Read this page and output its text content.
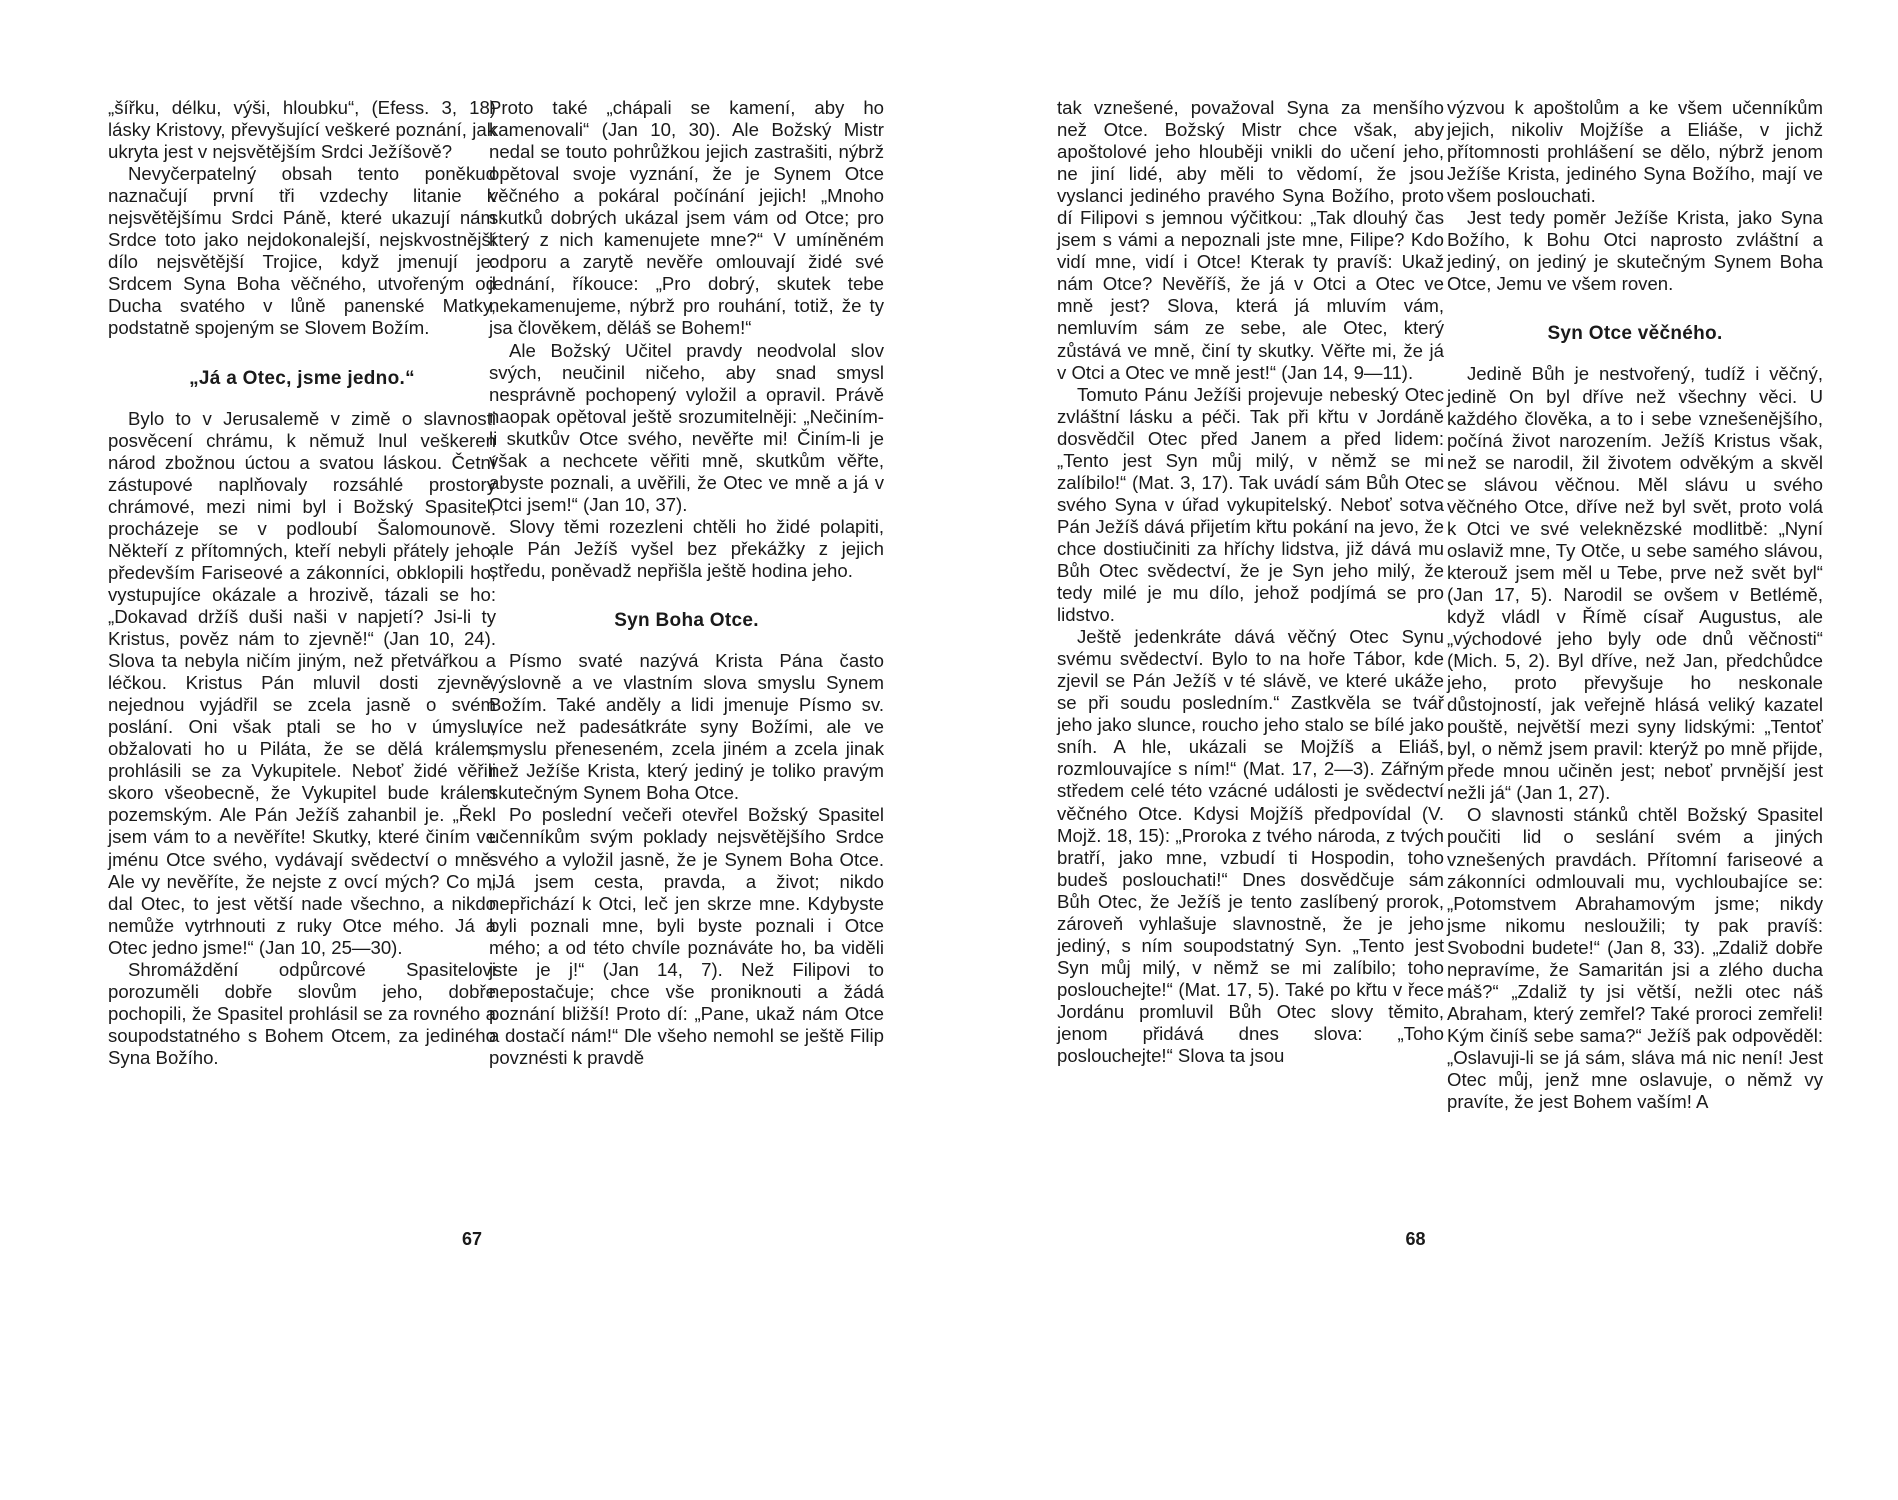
„šířku, délku, výši, hloubku“, (Efess. 3, 18) lásky Kristovy, převyšující veškeré poznání, jak ukryta jest v nejsvětějším Srdci Ježíšově?

Nevyčerpatelný obsah tento poněkud naznačují první tři vzdechy litanie k nejsvětějšímu Srdci Páně, které ukazují nám Srdce toto jako nejdokonalejší, nejskvostnější dílo nejsvětější Trojice, když jmenují je: Srdcem Syna Boha věčného, utvořeným od Ducha svatého v lůně panenské Matky, podstatně spojeným se Slovem Božím.

„Já a Otec, jsme jedno.“

Bylo to v Jerusalemě v zimě o slavnosti posvěcení chrámu, k němuž lnul veškeren národ zbožnou úctou a svatou láskou. Četní zástupové naplňovaly rozsáhlé prostory chrámové, mezi nimi byl i Božský Spasitel, procházeje se v podloubí Šalomounově. Někteří z přítomných, kteří nebyli přátely jeho, především Fariseové a zákonníci, obklopili ho, vystupujíce okázale a hrozivě, tázali se ho: „Dokavad držíš duši naši v napjetí? Jsi-li ty Kristus, pověz nám to zjevně!“ (Jan 10, 24). Slova ta nebyla ničím jiným, než přetvářkou a léčkou. Kristus Pán mluvil dosti zjevně, nejednou vyjádřil se zcela jasně o svém poslání. Oni však ptali se ho v úmyslu, obžalovati ho u Piláta, že se dělá králem, prohlásili se za Vykupitele. Neboť židé věřili skoro všeobecně, že Vykupitel bude králem pozemským. Ale Pán Ježíš zahanbil je. „Řekl jsem vám to a nevěříte! Skutky, které činím ve jménu Otce svého, vydávají svědectví o mně. Ale vy nevěříte, že nejste z ovcí mých? Co mi dal Otec, to jest větší nade všechno, a nikdo nemůže vytrhnouti z ruky Otce mého. Já a Otec jedno jsme!“ (Jan 10, 25—30).

Shromáždění odpůrcové Spasitelovi porozuměli dobře slovům jeho, dobře pochopili, že Spasitel prohlásil se za rovného a soupodstatného s Bohem Otcem, za jediného Syna Božího.

Proto také „chápali se kamení, aby ho kamenovali“ (Jan 10, 30). Ale Božský Mistr nedal se touto pohrůžkou jejich zastrašiti, nýbrž opětoval svoje vyznání, že je Synem Otce věčného a pokáral počínání jejich! „Mnoho skutků dobrých ukázal jsem vám od Otce; pro který z nich kamenujete mne?“ V umíněném odporu a zarytě nevěře omlouvají židé své jednání, říkouce: „Pro dobrý, skutek tebe nekamenujeme, nýbrž pro rouhání, totiž, že ty jsa člověkem, děláš se Bohem!“

Ale Božský Učitel pravdy neodvolal slov svých, neučinil ničeho, aby snad smysl nesprávně pochopený vyložil a opravil. Právě naopak opětoval ještě srozumitelněji: „Nečiním-li skutkův Otce svého, nevěřte mi! Činím-li je však a nechcete věřiti mně, skutkům věřte, abyste poznali, a uvěřili, že Otec ve mně a já v Otci jsem!“ (Jan 10, 37).

Slovy těmi rozezleni chtěli ho židé polapiti, ale Pán Ježíš vyšel bez překážky z jejich středu, poněvadž nepřišla ještě hodina jeho.

Syn Boha Otce.

Písmo svaté nazývá Krista Pána často výslovně a ve vlastním slova smyslu Synem Božím. Také anděly a lidi jmenuje Písmo sv. více než padesátkráte syny Božími, ale ve smyslu přeneseném, zcela jiném a zcela jinak než Ježíše Krista, který jediný je toliko pravým skutečným Synem Boha Otce.

Po poslední večeři otevřel Božský Spasitel učenníkům svým poklady nejsvětějšího Srdce svého a vyložil jasně, že je Synem Boha Otce. „Já jsem cesta, pravda, a život; nikdo nepřichází k Otci, leč jen skrze mne. Kdybyste byli poznali mne, byli byste poznali i Otce mého; a od této chvíle poznáváte ho, ba viděli jste je j!“ (Jan 14, 7). Než Filipovi to nepostačuje; chce vše proniknouti a žádá poznání bližší! Proto dí: „Pane, ukaž nám Otce a dostačí nám!“ Dle všeho nemohl se ještě Filip povznésti k pravdě

67

tak vznešené, považoval Syna za menšího než Otce. Božský Mistr chce však, aby apoštolové jeho hlouběji vnikli do učení jeho, ne jiní lidé, aby měli to vědomí, že jsou vyslanci jediného pravého Syna Božího, proto dí Filipovi s jemnou výčitkou: „Tak dlouhý čas jsem s vámi a nepoznali jste mne, Filipe? Kdo vidí mne, vidí i Otce! Kterak ty pravíš: Ukaž nám Otce? Nevěříš, že já v Otci a Otec ve mně jest? Slova, která já mluvím vám, nemluvím sám ze sebe, ale Otec, který zůstává ve mně, činí ty skutky. Věřte mi, že já v Otci a Otec ve mně jest!“ (Jan 14, 9—11).

Tomuto Pánu Ježíši projevuje nebeský Otec zvláštní lásku a péči. Tak při křtu v Jordáně dosvědčil Otec před Janem a před lidem: „Tento jest Syn můj milý, v němž se mi zalíbilo!“ (Mat. 3, 17). Tak uvádí sám Bůh Otec svého Syna v úřad vykupitelský. Neboť sotva Pán Ježíš dává přijetím křtu pokání na jevo, že chce dostiučiniti za hříchy lidstva, již dává mu Bůh Otec svědectví, že je Syn jeho milý, že tedy milé je mu dílo, jehož podjímá se pro lidstvo.

Ještě jedenkráte dává věčný Otec Synu svému svědectví. Bylo to na hoře Tábor, kde zjevil se Pán Ježíš v té slávě, ve které ukáže se při soudu posledním.“ Zastkvěla se tvář jeho jako slunce, roucho jeho stalo se bílé jako sníh. A hle, ukázali se Mojžíš a Eliáš, rozmlouvajíce s ním!“ (Mat. 17, 2—3). Zářným středem celé této vzácné události je svědectví věčného Otce. Kdysi Mojžíš předpovídal (V. Mojž. 18, 15): „Proroka z tvého národa, z tvých bratří, jako mne, vzbudí ti Hospodin, toho budeš poslouchati!“ Dnes dosvědčuje sám Bůh Otec, že Ježíš je tento zaslíbený prorok, zároveň vyhlašuje slavnostně, že je jeho jediný, s ním soupodstatný Syn. „Tento jest Syn můj milý, v němž se mi zalíbilo; toho poslouchejte!“ (Mat. 17, 5). Také po křtu v řece Jordánu promluvil Bůh Otec slovy těmito, jenom přidává dnes slova: „Toho poslouchejte!“ Slova ta jsou

výzvou k apoštolům a ke všem učenníkům jejich, nikoliv Mojžíše a Eliáše, v jichž přítomnosti prohlášení se dělo, nýbrž jenom Ježíše Krista, jediného Syna Božího, mají ve všem poslouchati.

Jest tedy poměr Ježíše Krista, jako Syna Božího, k Bohu Otci naprosto zvláštní a jediný, on jediný je skutečným Synem Boha Otce, Jemu ve všem roven.

Syn Otce věčného.

Jedině Bůh je nestvořený, tudíž i věčný, jedině On byl dříve než všechny věci. U každého člověka, a to i sebe vznešenějšího, počíná život narozením. Ježíš Kristus však, než se narodil, žil životem odvěkým a skvěl se slávou věčnou. Měl slávu u svého věčného Otce, dříve než byl svět, proto volá k Otci ve své veleknězské modlitbě: „Nyní oslaviž mne, Ty Otče, u sebe samého slávou, kterouž jsem měl u Tebe, prve než svět byl“ (Jan 17, 5). Narodil se ovšem v Betlémě, když vládl v Římě císař Augustus, ale „východové jeho byly ode dnů věčnosti“ (Mich. 5, 2). Byl dříve, než Jan, předchůdce jeho, proto převyšuje ho neskonale důstojností, jak veřejně hlásá veliký kazatel pouště, největší mezi syny lidskými: „Tentoť byl, o němž jsem pravil: kterýž po mně přijde, přede mnou učiněn jest; neboť prvnější jest nežli já“ (Jan 1, 27).

O slavnosti stánků chtěl Božský Spasitel poučiti lid o seslání svém a jiných vznešených pravdách. Přítomní fariseové a zákonníci odmlouvali mu, vychloubajíce se: „Potomstvem Abrahamovým jsme; nikdy jsme nikomu nesloužili; ty pak pravíš: Svobodni budete!“ (Jan 8, 33). „Zdaliž dobře nepravíme, že Samaritán jsi a zlého ducha máš?“ „Zdaliž ty jsi větší, nežli otec náš Abraham, který zemřel? Také proroci zemřeli! Kým činíš sebe sama?“ Ježíš pak odpověděl: „Oslavuji-li se já sám, sláva má nic není! Jest Otec můj, jenž mne oslavuje, o němž vy pravíte, že jest Bohem vaším! A

68
